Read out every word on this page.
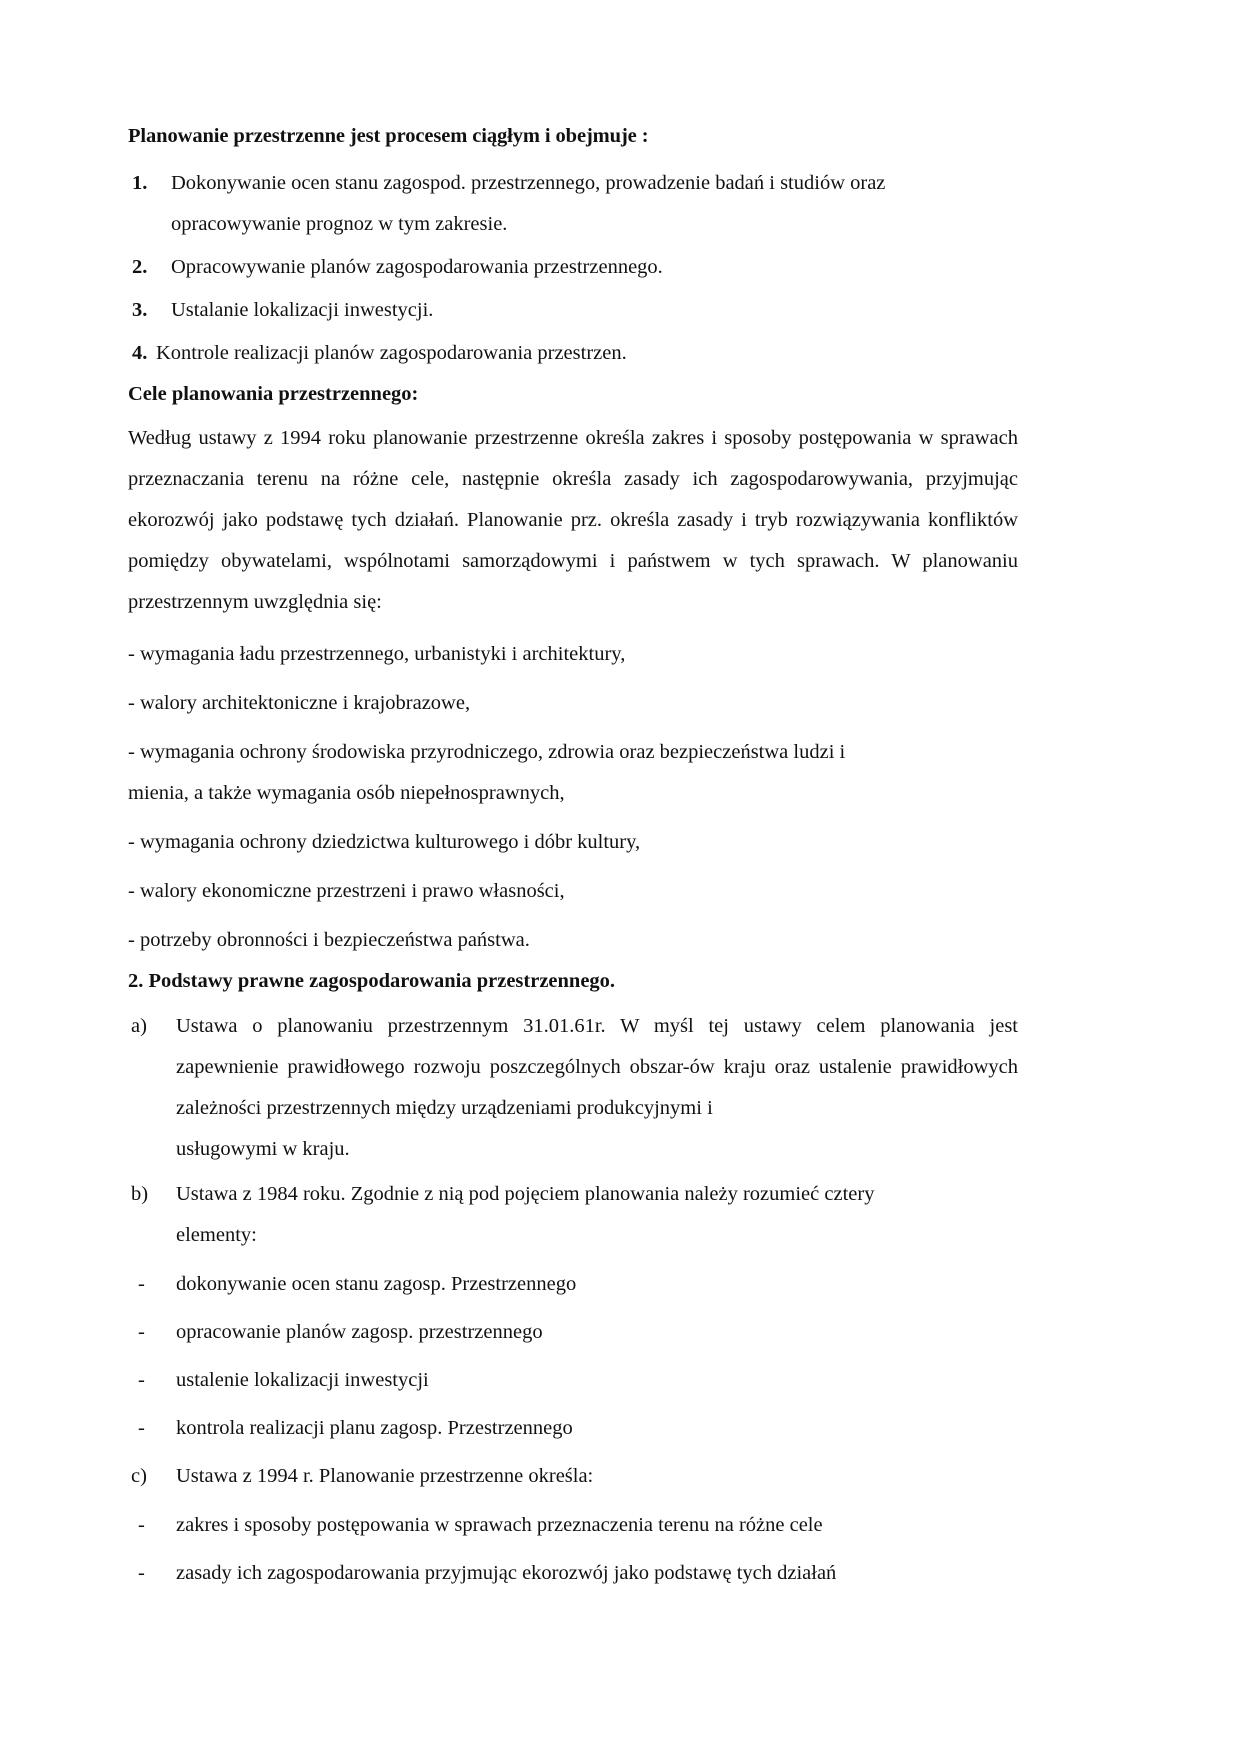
Planowanie przestrzenne jest procesem ciągłym i obejmuje :
1. Dokonywanie ocen stanu zagospod. przestrzennego, prowadzenie badań i studiów oraz
opracowywanie prognoz w tym zakresie.
2. Opracowywanie planów zagospodarowania przestrzennego.
3. Ustalanie lokalizacji inwestycji.
4. Kontrole realizacji planów zagospodarowania przestrzen.
Cele planowania przestrzennego:

Według ustawy z 1994 roku planowanie przestrzenne określa zakres i sposoby postępowania w sprawach przeznaczania terenu na różne cele, następnie określa zasady ich zagospodarowywania, przyjmując ekorozwój jako podstawę tych działań. Planowanie prz. określa zasady i tryb rozwiązywania konfliktów pomiędzy obywatelami, wspólnotami samorządowymi i państwem w tych sprawach. W planowaniu przestrzennym uwzględnia się:

- wymagania ładu przestrzennego, urbanistyki i architektury,
- walory architektoniczne i krajobrazowe,
- wymagania ochrony środowiska przyrodniczego, zdrowia oraz bezpieczeństwa ludzi i
mienia, a także wymagania osób niepełnosprawnych,
- wymagania ochrony dziedzictwa kulturowego i dóbr kultury,
- walory ekonomiczne przestrzeni i prawo własności,
- potrzeby obronności i bezpieczeństwa państwa.
2. Podstawy prawne zagospodarowania przestrzennego.
a) Ustawa o planowaniu przestrzennym 31.01.61r. W myśl tej ustawy celem planowania jest zapewnienie prawidłowego rozwoju poszczególnych obszar-ów kraju oraz ustalenie prawidłowych zależności przestrzennych między urządzeniami produkcyjnymi i
usługowymi w kraju.
b) Ustawa z 1984 roku. Zgodnie z nią pod pojęciem planowania należy rozumieć cztery
elementy:
- dokonywanie ocen stanu zagosp. Przestrzennego
- opracowanie planów zagosp. przestrzennego
- ustalenie lokalizacji inwestycji
- kontrola realizacji planu zagosp. Przestrzennego
c) Ustawa z 1994 r. Planowanie przestrzenne określa:
- zakres i sposoby postępowania w sprawach przeznaczenia terenu na różne cele
- zasady ich zagospodarowania przyjmując ekorozwój jako podstawę tych działań
